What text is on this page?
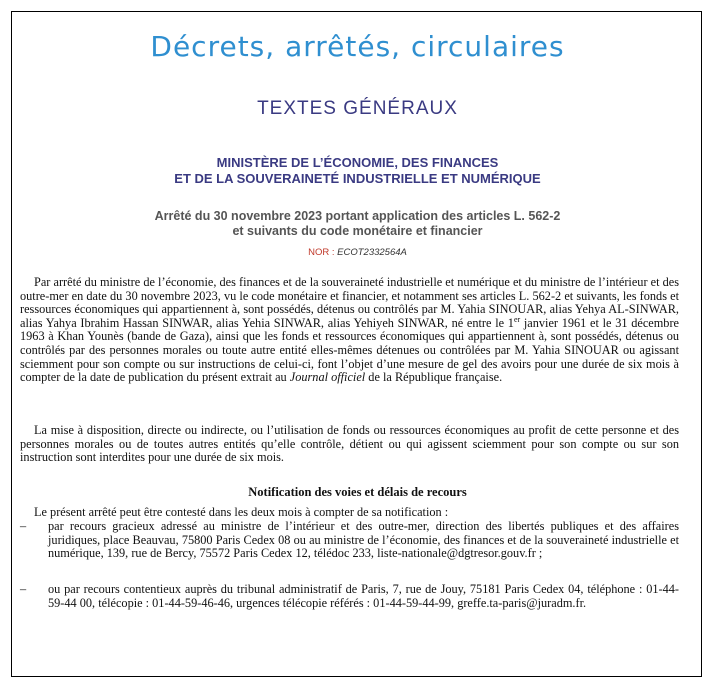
Décrets, arrêtés, circulaires
TEXTES GÉNÉRAUX
MINISTÈRE DE L’ÉCONOMIE, DES FINANCES
ET DE LA SOUVERAINETÉ INDUSTRIELLE ET NUMÉRIQUE
Arrêté du 30 novembre 2023 portant application des articles L. 562-2
et suivants du code monétaire et financier
NOR : ECOT2332564A

Par arrêté du ministre de l’économie, des finances et de la souveraineté industrielle et numérique et du ministre de l’intérieur et des outre-mer en date du 30 novembre 2023, vu le code monétaire et financier, et notamment ses articles L. 562-2 et suivants, les fonds et ressources économiques qui appartiennent à, sont possédés, détenus ou contrôlés par M. Yahia SINOUAR, alias Yehya AL-SINWAR, alias Yahya Ibrahim Hassan SINWAR, alias Yehia SINWAR, alias Yehiyeh SINWAR, né entre le 1er janvier 1961 et le 31 décembre 1963 à Khan Younès (bande de Gaza), ainsi que les fonds et ressources économiques qui appartiennent à, sont possédés, détenus ou contrôlés par des personnes morales ou toute autre entité elles-mêmes détenues ou contrôlées par M. Yahia SINOUAR ou agissant sciemment pour son compte ou sur instructions de celui-ci, font l’objet d’une mesure de gel des avoirs pour une durée de six mois à compter de la date de publication du présent extrait au Journal officiel de la République française.

La mise à disposition, directe ou indirecte, ou l’utilisation de fonds ou ressources économiques au profit de cette personne et des personnes morales ou de toutes autres entités qu’elle contrôle, détient ou qui agissent sciemment pour son compte ou sur son instruction sont interdites pour une durée de six mois.

Notification des voies et délais de recours

Le présent arrêté peut être contesté dans les deux mois à compter de sa notification :

–	par recours gracieux adressé au ministre de l’intérieur et des outre-mer, direction des libertés publiques et des affaires juridiques, place Beauvau, 75800 Paris Cedex 08 ou au ministre de l’économie, des finances et de la souveraineté industrielle et numérique, 139, rue de Bercy, 75572 Paris Cedex 12, télédoc 233, liste-nationale@dgtresor.gouv.fr ;
–	ou par recours contentieux auprès du tribunal administratif de Paris, 7, rue de Jouy, 75181 Paris Cedex 04, téléphone : 01-44-59-44 00, télécopie : 01-44-59-46-46, urgences télécopie référés : 01-44-59-44-99, greffe.ta-paris@juradm.fr.
